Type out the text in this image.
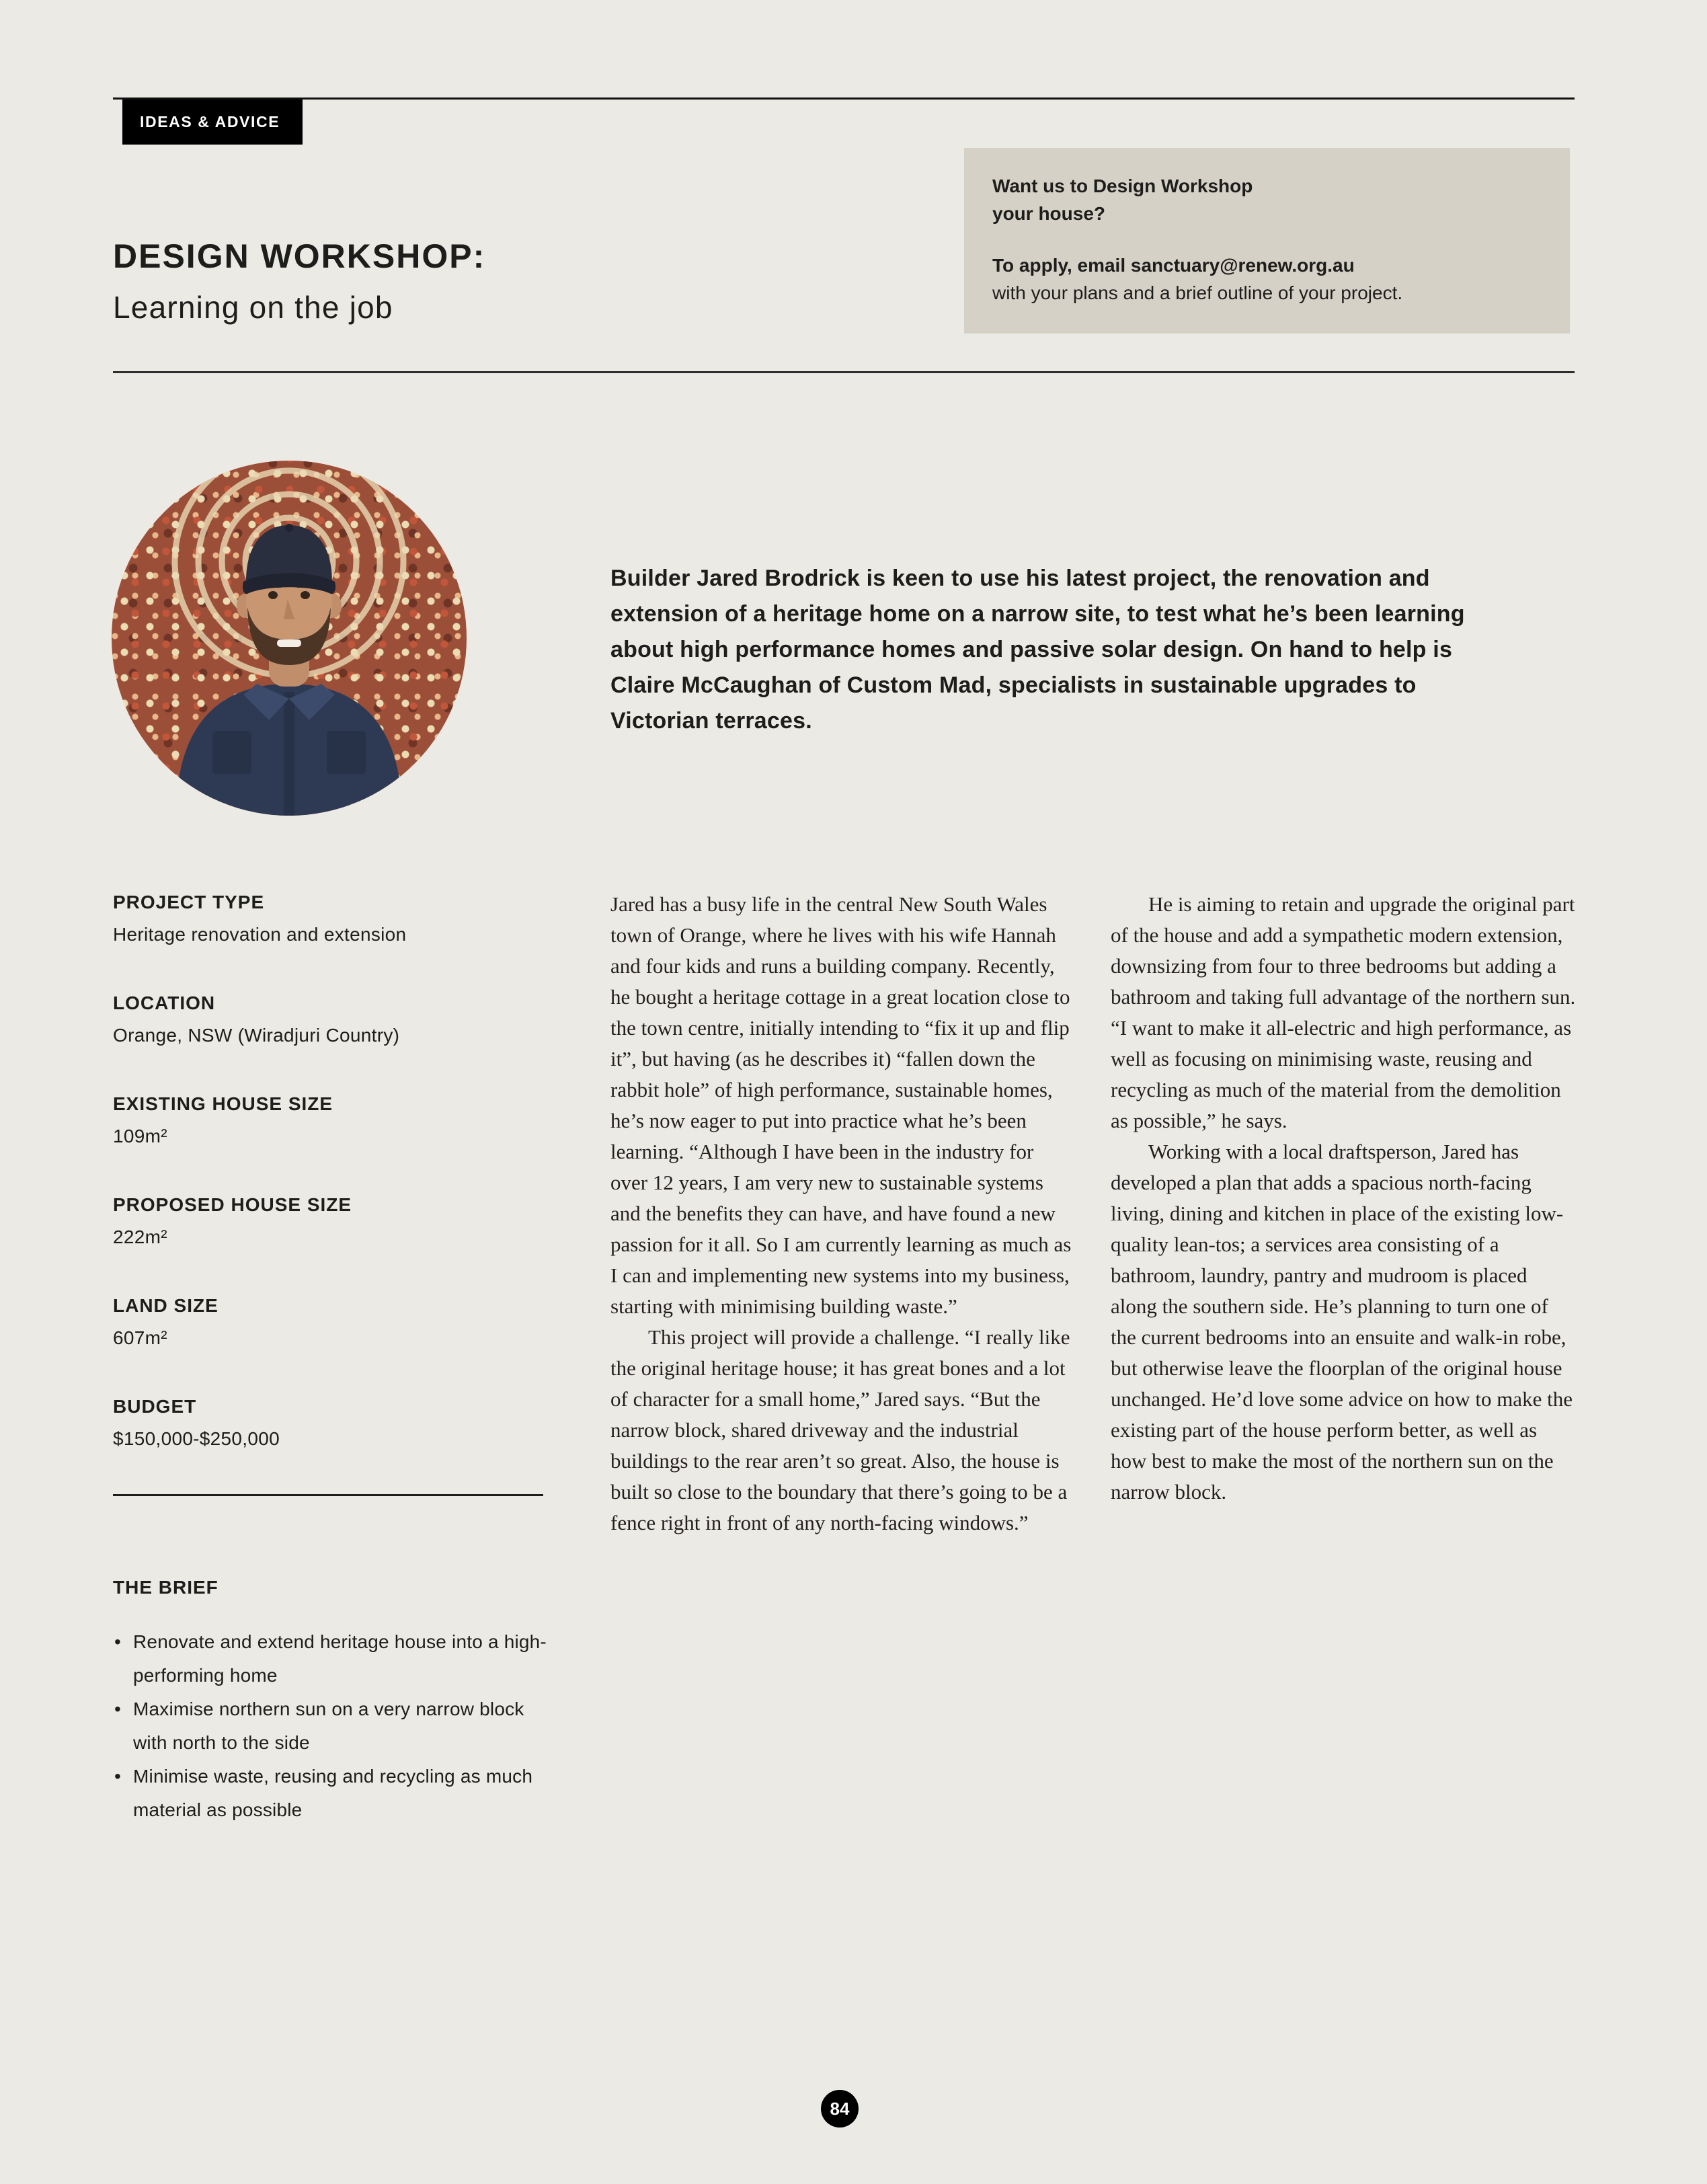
IDEAS & ADVICE
DESIGN WORKSHOP:
Learning on the job

Want us to Design Workshop
your house?

To apply, email sanctuary@renew.org.au
with your plans and a brief outline of your project.

Builder Jared Brodrick is keen to use his latest project, the renovation and extension of a heritage home on a narrow site, to test what he’s been learning about high performance homes and passive solar design. On hand to help is Claire McCaughan of Custom Mad, specialists in sustainable upgrades to Victorian terraces.

PROJECT TYPE
Heritage renovation and extension
LOCATION
Orange, NSW (Wiradjuri Country)
EXISTING HOUSE SIZE
109m²
PROPOSED HOUSE SIZE
222m²
LAND SIZE
607m²
BUDGET
$150,000-$250,000
THE BRIEF
• Renovate and extend heritage house into a high-performing home
• Maximise northern sun on a very narrow block with north to the side
• Minimise waste, reusing and recycling as much material as possible

Jared has a busy life in the central New South Wales town of Orange, where he lives with his wife Hannah and four kids and runs a building company. Recently, he bought a heritage cottage in a great location close to the town centre, initially intending to “fix it up and flip it”, but having (as he describes it) “fallen down the rabbit hole” of high performance, sustainable homes, he’s now eager to put into practice what he’s been learning. “Although I have been in the industry for over 12 years, I am very new to sustainable systems and the benefits they can have, and have found a new passion for it all. So I am currently learning as much as I can and implementing new systems into my business, starting with minimising building waste.”

This project will provide a challenge. “I really like the original heritage house; it has great bones and a lot of character for a small home,” Jared says. “But the narrow block, shared driveway and the industrial buildings to the rear aren’t so great. Also, the house is built so close to the boundary that there’s going to be a fence right in front of any north-facing windows.”

He is aiming to retain and upgrade the original part of the house and add a sympathetic modern extension, downsizing from four to three bedrooms but adding a bathroom and taking full advantage of the northern sun. “I want to make it all-electric and high performance, as well as focusing on minimising waste, reusing and recycling as much of the material from the demolition as possible,” he says.

Working with a local draftsperson, Jared has developed a plan that adds a spacious north-facing living, dining and kitchen in place of the existing low-quality lean-tos; a services area consisting of a bathroom, laundry, pantry and mudroom is placed along the southern side. He’s planning to turn one of the current bedrooms into an ensuite and walk-in robe, but otherwise leave the floorplan of the original house unchanged. He’d love some advice on how to make the existing part of the house perform better, as well as how best to make the most of the northern sun on the narrow block.

84
